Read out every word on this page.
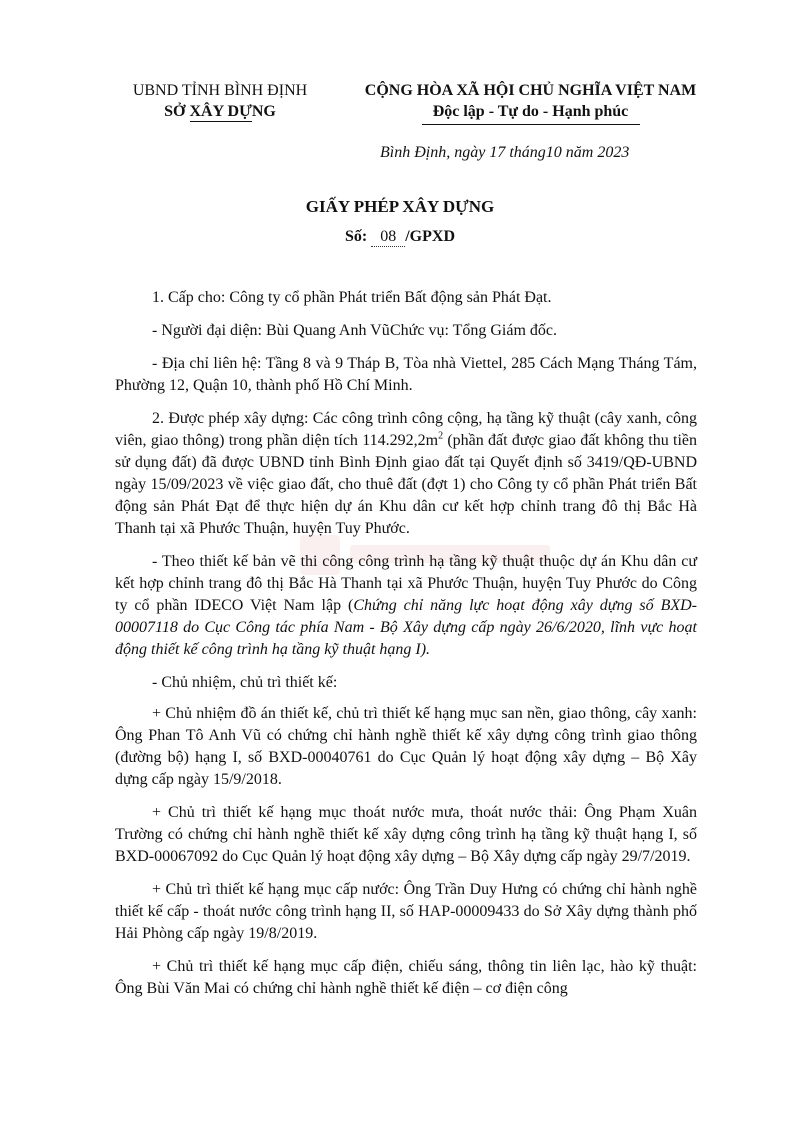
UBND TỈNH BÌNH ĐỊNH
SỞ XÂY DỰNG
CỘNG HÒA XÃ HỘI CHỦ NGHĨA VIỆT NAM
Độc lập - Tự do - Hạnh phúc
Bình Định, ngày 17 tháng10 năm 2023
GIẤY PHÉP XÂY DỰNG
Số: 08 /GPXD

1. Cấp cho: Công ty cổ phần Phát triển Bất động sản Phát Đạt.

- Người đại diện: Bùi Quang Anh Vũ Chức vụ: Tổng Giám đốc.

- Địa chỉ liên hệ: Tầng 8 và 9 Tháp B, Tòa nhà Viettel, 285 Cách Mạng Tháng Tám, Phường 12, Quận 10, thành phố Hồ Chí Minh.

2. Được phép xây dựng: Các công trình công cộng, hạ tầng kỹ thuật (cây xanh, công viên, giao thông) trong phần diện tích $114.292,2m^2$ (phần đất được giao đất không thu tiền sử dụng đất) đã được UBND tỉnh Bình Định giao đất tại Quyết định số 3419/QĐ-UBND ngày 15/09/2023 về việc giao đất, cho thuê đất (đợt 1) cho Công ty cổ phần Phát triển Bất động sản Phát Đạt để thực hiện dự án Khu dân cư kết hợp chỉnh trang đô thị Bắc Hà Thanh tại xã Phước Thuận, huyện Tuy Phước.

- Theo thiết kế bản vẽ thi công công trình hạ tầng kỹ thuật thuộc dự án Khu dân cư kết hợp chỉnh trang đô thị Bắc Hà Thanh tại xã Phước Thuận, huyện Tuy Phước do Công ty cổ phần IDECO Việt Nam lập (Chứng chỉ năng lực hoạt động xây dựng số BXD-00007118 do Cục Công tác phía Nam - Bộ Xây dựng cấp ngày 26/6/2020, lĩnh vực hoạt động thiết kế công trình hạ tầng kỹ thuật hạng I).

- Chủ nhiệm, chủ trì thiết kế:

+ Chủ nhiệm đồ án thiết kế, chủ trì thiết kế hạng mục san nền, giao thông, cây xanh: Ông Phan Tô Anh Vũ có chứng chỉ hành nghề thiết kế xây dựng công trình giao thông (đường bộ) hạng I, số BXD-00040761 do Cục Quản lý hoạt động xây dựng – Bộ Xây dựng cấp ngày 15/9/2018.

+ Chủ trì thiết kế hạng mục thoát nước mưa, thoát nước thải: Ông Phạm Xuân Trường có chứng chỉ hành nghề thiết kế xây dựng công trình hạ tầng kỹ thuật hạng I, số BXD-00067092 do Cục Quản lý hoạt động xây dựng – Bộ Xây dựng cấp ngày 29/7/2019.

+ Chủ trì thiết kế hạng mục cấp nước: Ông Trần Duy Hưng có chứng chỉ hành nghề thiết kế cấp - thoát nước công trình hạng II, số HAP-00009433 do Sở Xây dựng thành phố Hải Phòng cấp ngày 19/8/2019.

+ Chủ trì thiết kế hạng mục cấp điện, chiếu sáng, thông tin liên lạc, hào kỹ thuật: Ông Bùi Văn Mai có chứng chỉ hành nghề thiết kế điện – cơ điện công
